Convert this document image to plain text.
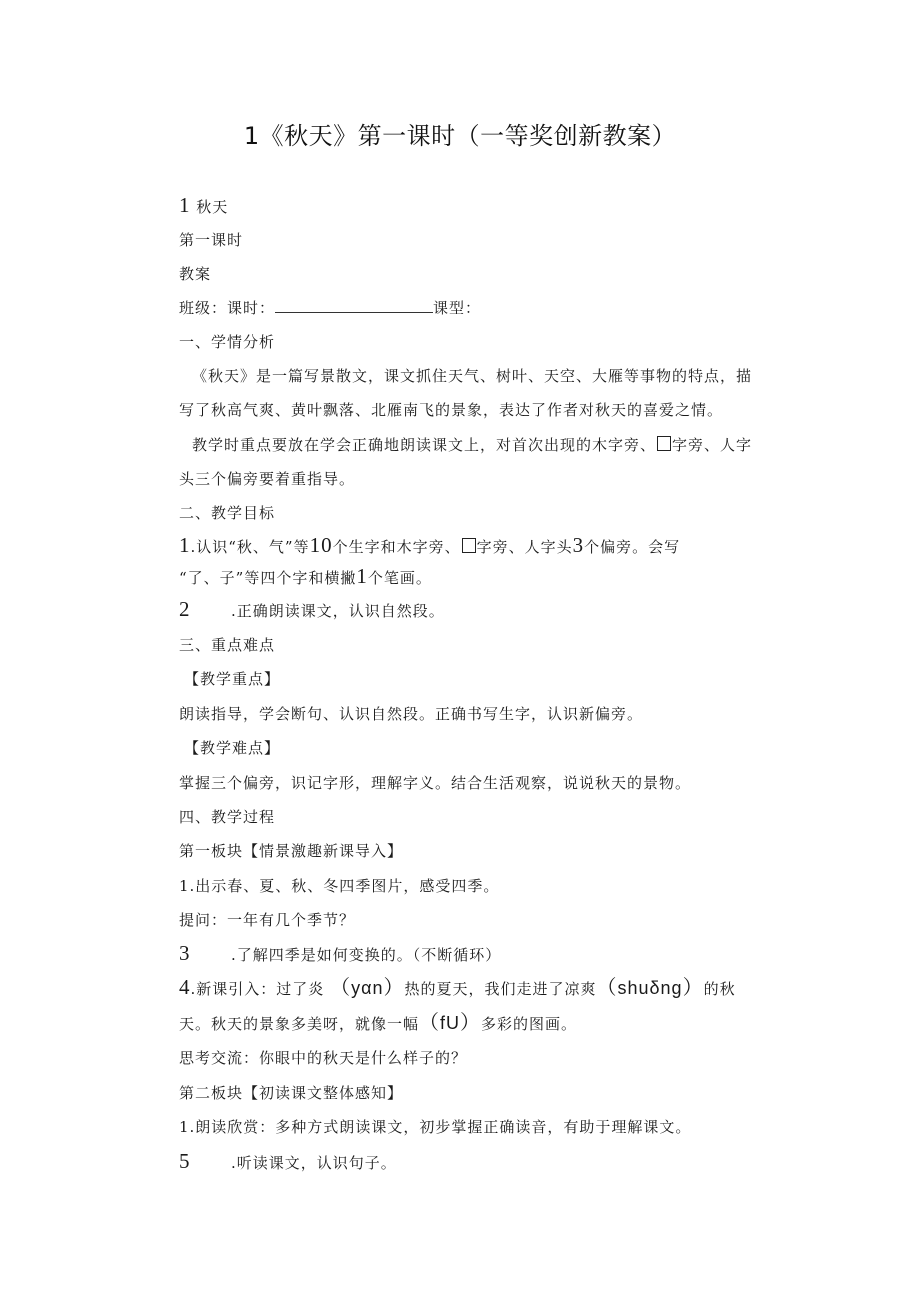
1《秋天》第一课时（一等奖创新教案）
1 秋天
第一课时
教案
班级：课时：	课型：
一、学情分析
《秋天》是一篇写景散文，课文抓住天气、树叶、天空、大雁等事物的特点，描
写了秋高气爽、黄叶飘落、北雁南飞的景象，表达了作者对秋天的喜爱之情。
教学时重点要放在学会正确地朗读课文上，对首次出现的木字旁、 字旁、人字
头三个偏旁要着重指导。
二、教学目标
1.认识“秋、气”等10个生字和木字旁、 字旁、人字头3个偏旁。会写
“了、子”等四个字和横撇1个笔画。
2	.正确朗读课文，认识自然段。
三、重点难点
【教学重点】
朗读指导，学会断句、认识自然段。正确书写生字，认识新偏旁。
【教学难点】
掌握三个偏旁，识记字形，理解字义。结合生活观察，说说秋天的景物。
四、教学过程
第一板块【情景激趣新课导入】
1.出示春、夏、秋、冬四季图片，感受四季。
提问：一年有几个季节？
3	.了解四季是如何变换的。（不断循环）
4.新课引入：过了炎 （yαn）热的夏天，我们走进了凉爽（shuδng）的秋
天。秋天的景象多美呀，就像一幅（fU）多彩的图画。
思考交流：你眼中的秋天是什么样子的？
第二板块【初读课文整体感知】
1.朗读欣赏：多种方式朗读课文，初步掌握正确读音，有助于理解课文。
5	.听读课文，认识句子。
